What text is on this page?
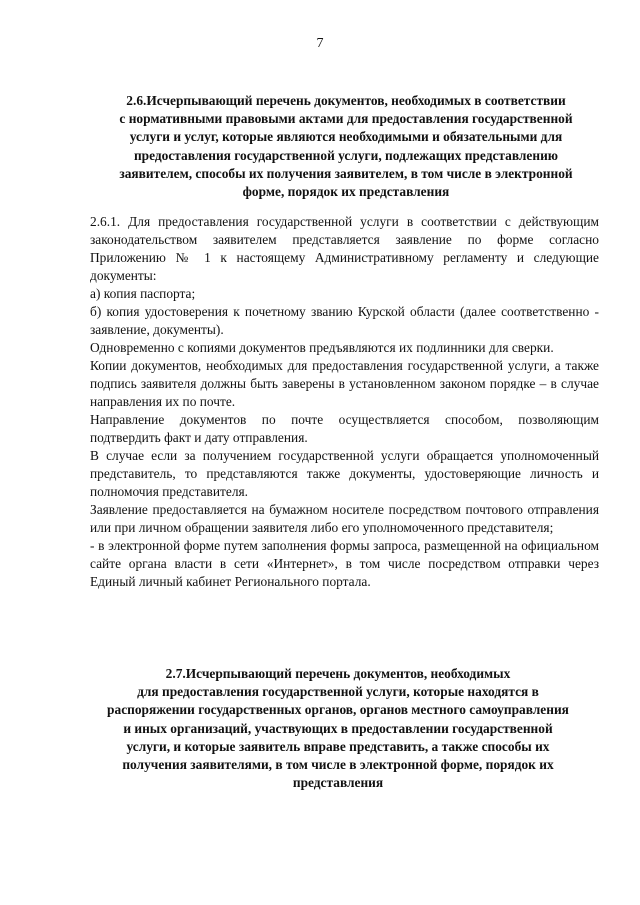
7
2.6.Исчерпывающий перечень документов, необходимых в соответствии
с нормативными правовыми актами для предоставления государственной
услуги и услуг, которые являются необходимыми и обязательными для
предоставления государственной услуги, подлежащих представлению
заявителем, способы их получения заявителем, в том числе в электронной
форме, порядок их представления

2.6.1. Для предоставления государственной услуги в соответствии с действующим законодательством заявителем представляется заявление по форме согласно Приложению № 1 к настоящему Административному регламенту и следующие документы:

а) копия паспорта;

б) копия удостоверения к почетному званию Курской области (далее соответственно - заявление, документы).

Одновременно с копиями документов предъявляются их подлинники для сверки.

Копии документов, необходимых для предоставления государственной услуги, а также подпись заявителя должны быть заверены в установленном законом порядке – в случае направления их по почте.

Направление документов по почте осуществляется способом, позволяющим подтвердить факт и дату отправления.

В случае если за получением государственной услуги обращается уполномоченный представитель, то представляются также документы, удостоверяющие личность и полномочия представителя.

Заявление предоставляется на бумажном носителе посредством почтового отправления или при личном обращении заявителя либо его уполномоченного представителя;

- в электронной форме путем заполнения формы запроса, размещенной на официальном сайте органа власти в сети «Интернет», в том числе посредством отправки через Единый личный кабинет Регионального портала.

2.7.Исчерпывающий перечень документов, необходимых
для предоставления государственной услуги, которые находятся в
распоряжении государственных органов, органов местного самоуправления
и иных организаций, участвующих в предоставлении государственной
услуги, и которые заявитель вправе представить, а также способы их
получения заявителями, в том числе в электронной форме, порядок их
представления
